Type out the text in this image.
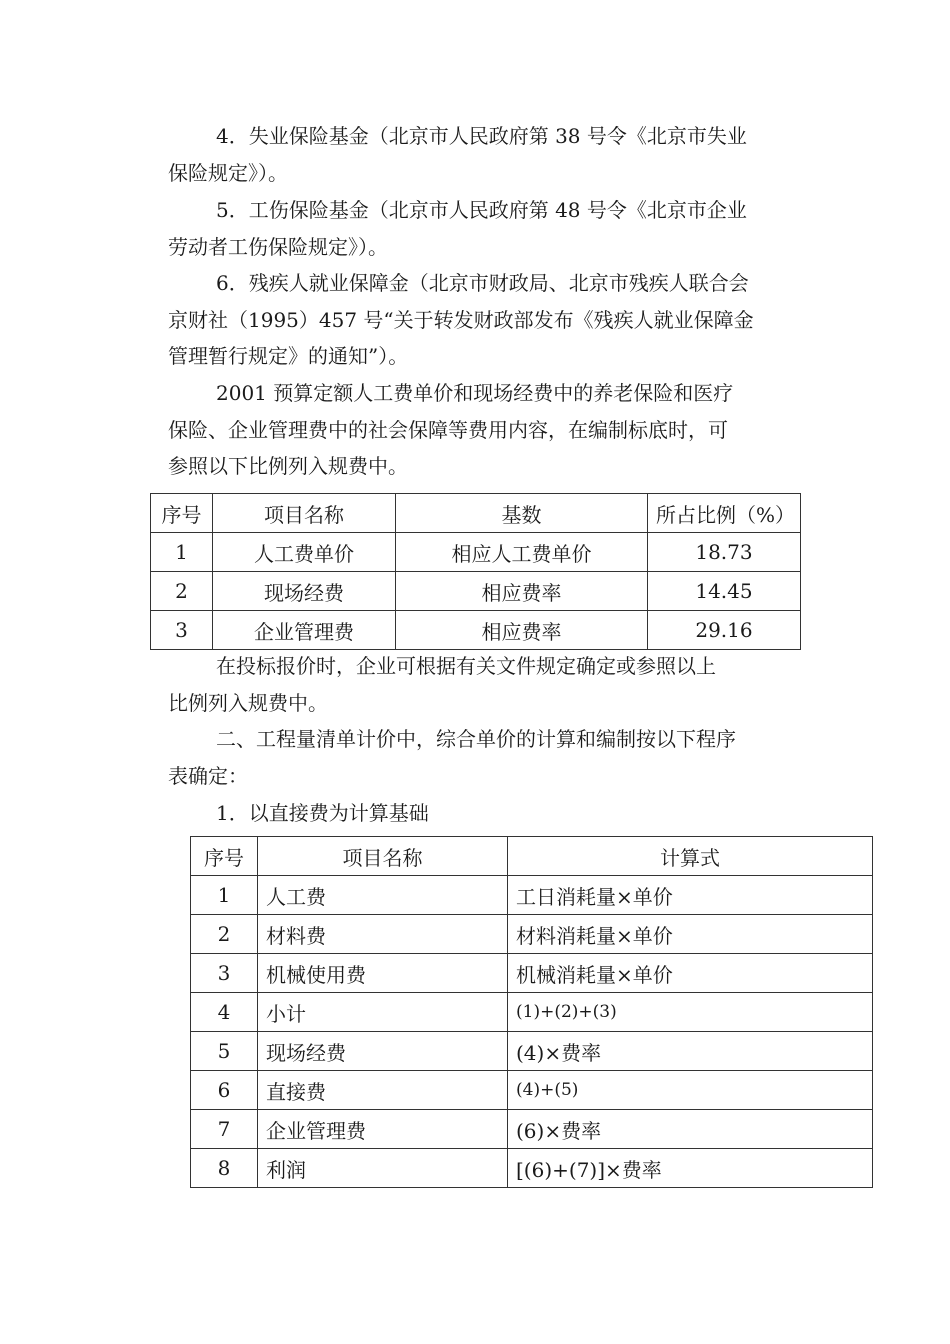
4．失业保险基金（北京市人民政府第 38 号令《北京市失业
保险规定》）。
5．工伤保险基金（北京市人民政府第 48 号令《北京市企业
劳动者工伤保险规定》）。
6．残疾人就业保障金（北京市财政局、北京市残疾人联合会
京财社（1995）457 号“关于转发财政部发布《残疾人就业保障金
管理暂行规定》的通知”）。
2001 预算定额人工费单价和现场经费中的养老保险和医疗
保险、企业管理费中的社会保障等费用内容，在编制标底时，可
参照以下比例列入规费中。
序号	项目名称	基数	所占比例（%）
1	人工费单价	相应人工费单价	18.73
2	现场经费	相应费率	14.45
3	企业管理费	相应费率	29.16
在投标报价时，企业可根据有关文件规定确定或参照以上
比例列入规费中。
二、工程量清单计价中，综合单价的计算和编制按以下程序
表确定：
1．以直接费为计算基础
序号	项目名称	计算式
1	人工费	工日消耗量×单价
2	材料费	材料消耗量×单价
3	机械使用费	机械消耗量×单价
4	小计	(1)+(2)+(3)
5	现场经费	(4)×费率
6	直接费	(4)+(5)
7	企业管理费	(6)×费率
8	利润	[(6)+(7)]×费率
